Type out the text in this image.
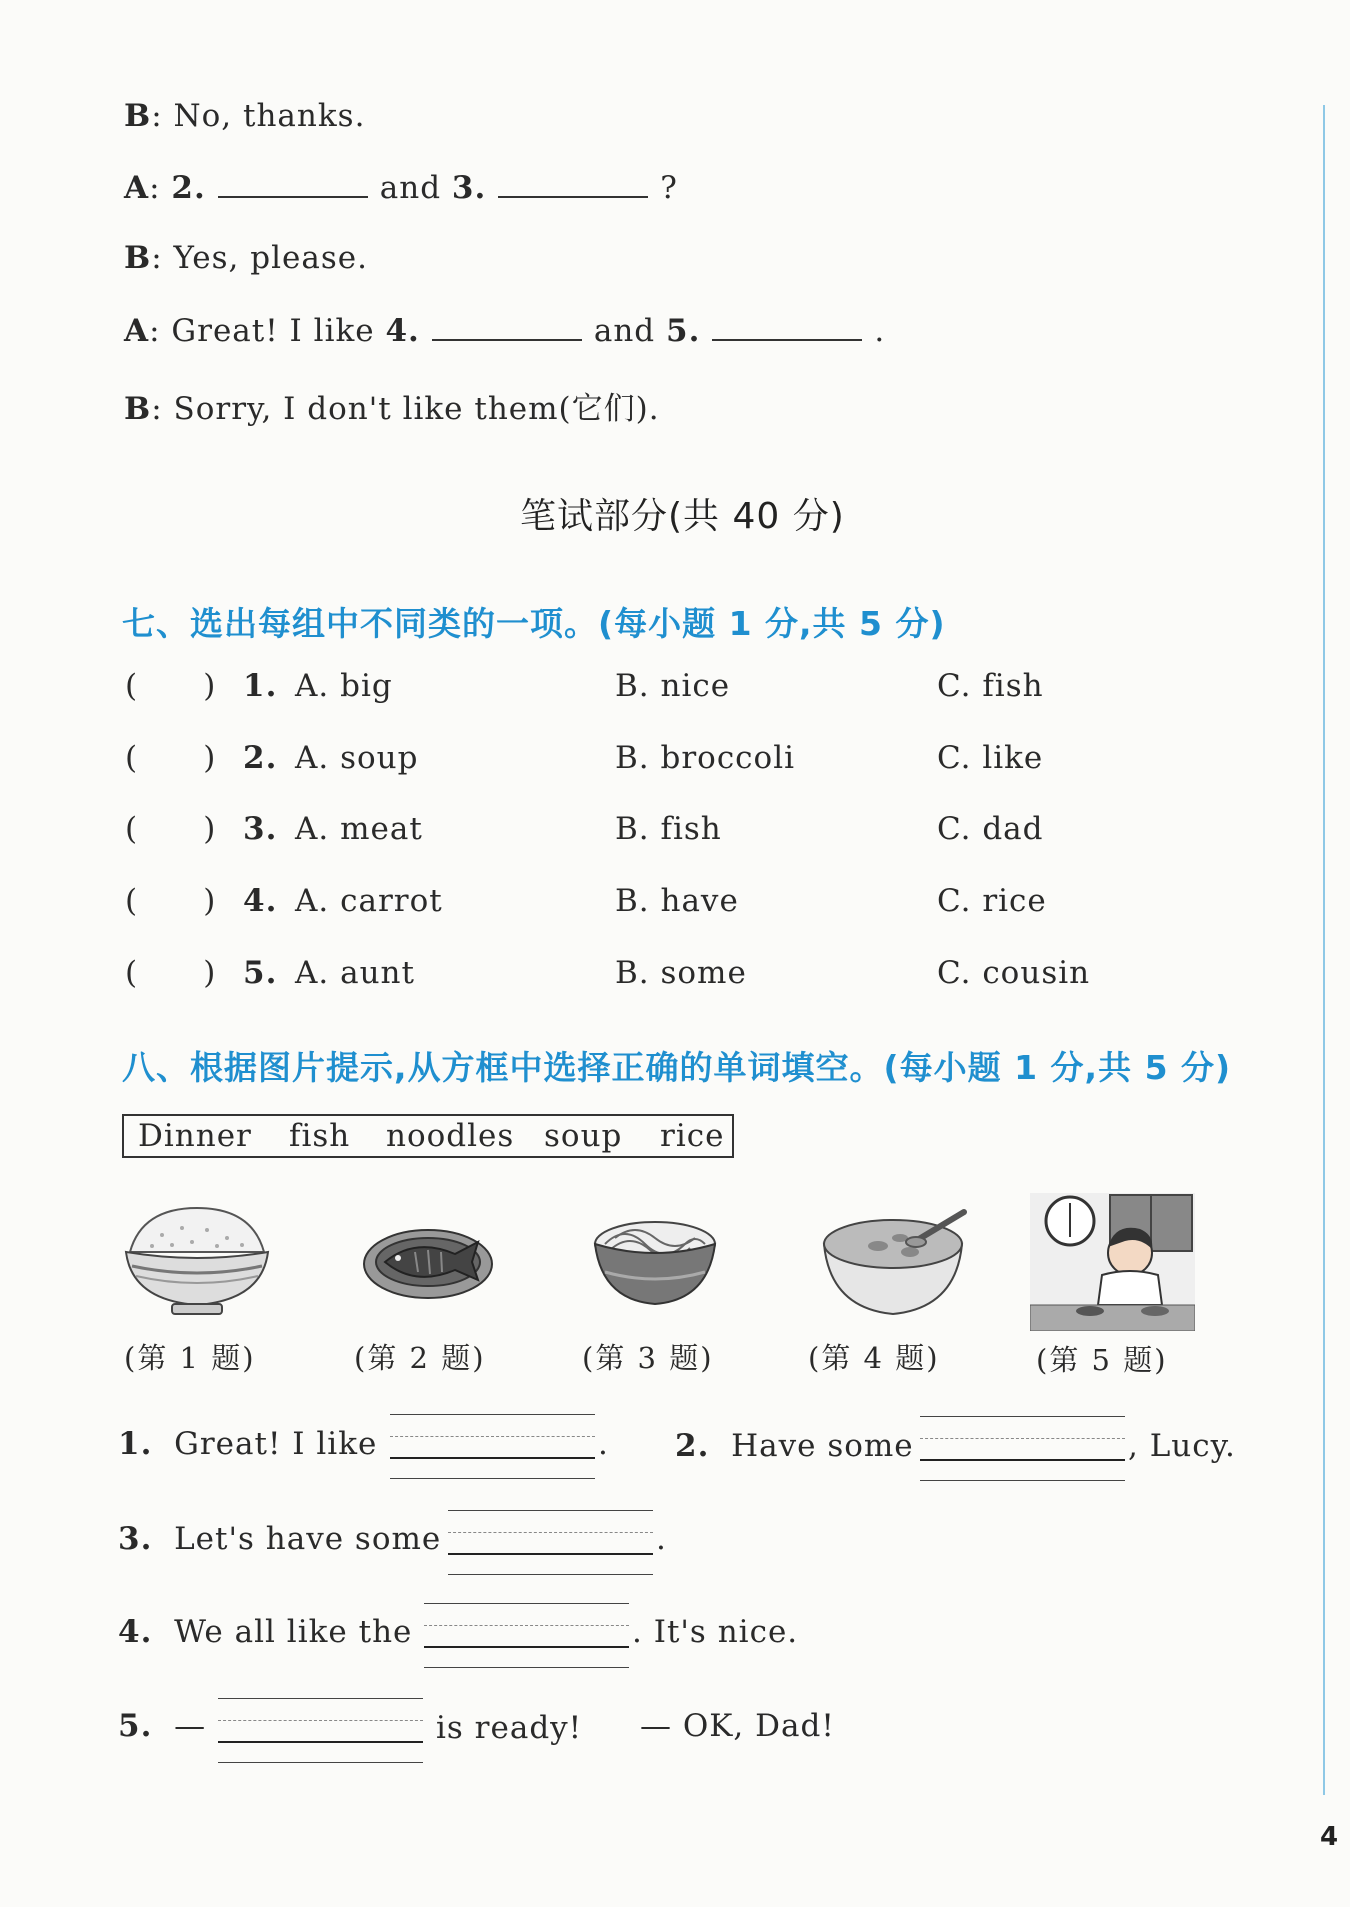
B: No, thanks.
A: 2.	and 3.	?
B: Yes, please.
A: Great! I like 4.	and 5.	.
B: Sorry, I don't like them(它们).
笔试部分(共 40 分)
七、选出每组中不同类的一项。(每小题 1 分,共 5 分)
(      ) 1. A. big	B. nice	C. fish
(      ) 2. A. soup	B. broccoli	C. like
(      ) 3. A. meat	B. fish	C. dad
(      ) 4. A. carrot	B. have	C. rice
(      ) 5. A. aunt	B. some	C. cousin
八、根据图片提示,从方框中选择正确的单词填空。(每小题 1 分,共 5 分)
Dinner fish noodles soup rice
(第 1 题)	(第 2 题)	(第 3 题)	(第 4 题)	(第 5 题)
1. Great! I like	. 2. Have some	, Lucy.
3. Let's have some	.
4. We all like the	. It's nice.
5. —	is ready! — OK, Dad!
4
